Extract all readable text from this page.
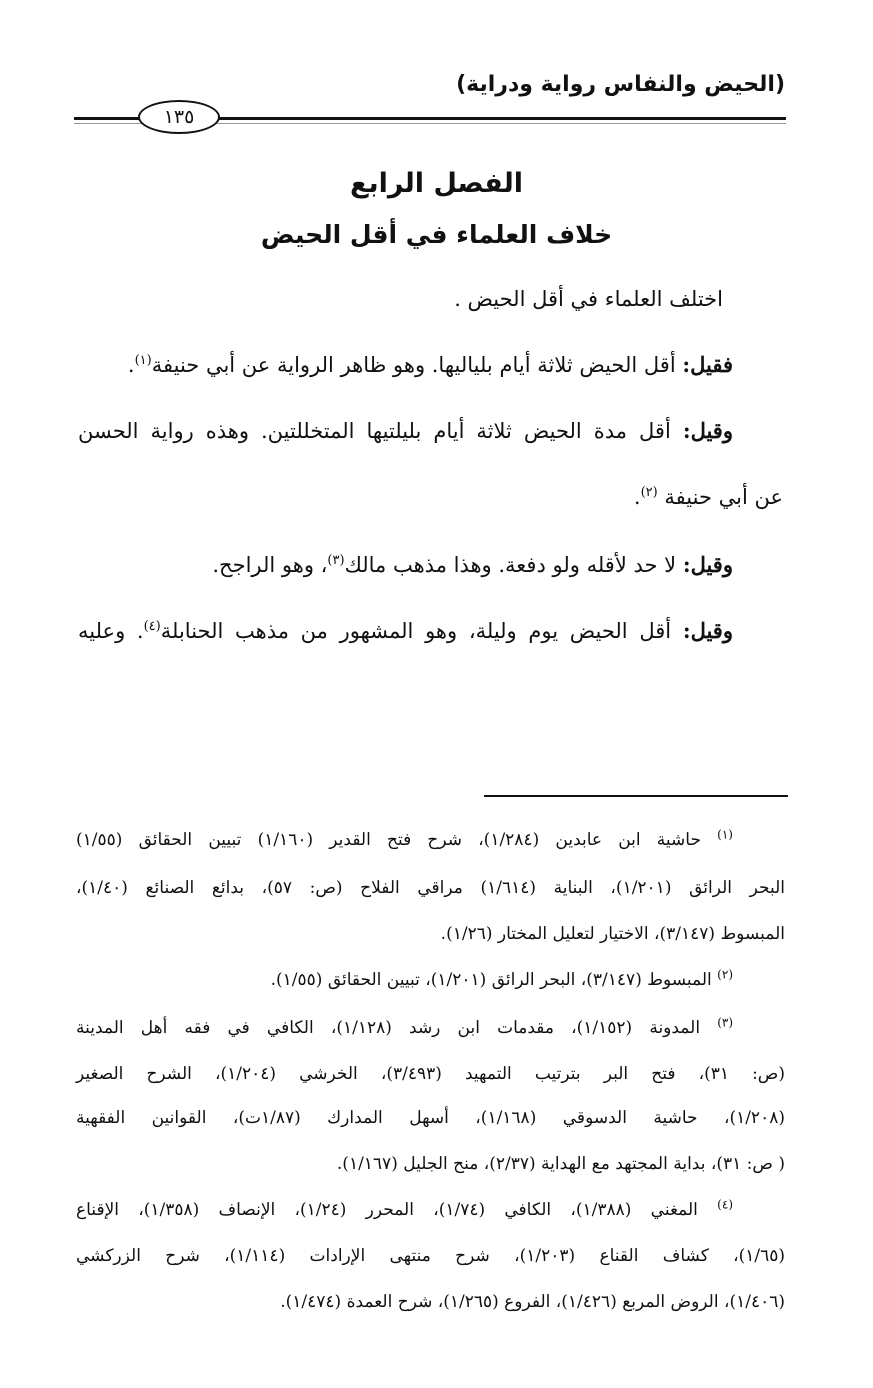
(الحيض والنفاس رواية ودراية)
١٣٥
الفصل الرابع
خلاف العلماء في أقل الحيض
اختلف العلماء في أقل الحيض .
فقيل: أقل الحيض ثلاثة أيام بلياليها. وهو ظاهر الرواية عن أبي حنيفة$^{(١)}$.
وقيل: أقل مدة الحيض ثلاثة أيام بليلتيها المتخللتين. وهذه رواية الحسن
عن أبي حنيفة $^{(٢)}$.
وقيل: لا حد لأقله ولو دفعة. وهذا مذهب مالك$^{(٣)}$، وهو الراجح.
وقيل: أقل الحيض يوم وليلة، وهو المشهور من مذهب الحنابلة$^{(٤)}$. وعليه
$^{(١)}$ حاشية ابن عابدين (١/٢٨٤)، شرح فتح القدير (١/١٦٠) تبيين الحقائق (١/٥٥)
البحر الرائق (١/٢٠١)، البناية (١/٦١٤) مراقي الفلاح (ص: ٥٧)، بدائع الصنائع (١/٤٠)،
المبسوط (٣/١٤٧)، الاختيار لتعليل المختار (١/٢٦).
$^{(٢)}$ المبسوط (٣/١٤٧)، البحر الرائق (١/٢٠١)، تبيين الحقائق (١/٥٥).
$^{(٣)}$ المدونة (١/١٥٢)، مقدمات ابن رشد (١/١٢٨)، الكافي في فقه أهل المدينة
(ص: ٣١)، فتح البر بترتيب التمهيد (٣/٤٩٣)، الخرشي (١/٢٠٤)، الشرح الصغير
(١/٢٠٨)، حاشية الدسوقي (١/١٦٨)، أسهل المدارك (١/٨٧ت)، القوانين الفقهية
( ص: ٣١)، بداية المجتهد مع الهداية (٢/٣٧)، منح الجليل (١/١٦٧).
$^{(٤)}$ المغني (١/٣٨٨)، الكافي (١/٧٤)، المحرر (١/٢٤)، الإنصاف (١/٣٥٨)، الإقناع
(١/٦٥)، كشاف القناع (١/٢٠٣)، شرح منتهى الإرادات (١/١١٤)، شرح الزركشي
(١/٤٠٦)، الروض المربع (١/٤٢٦)، الفروع (١/٢٦٥)، شرح العمدة (١/٤٧٤).
